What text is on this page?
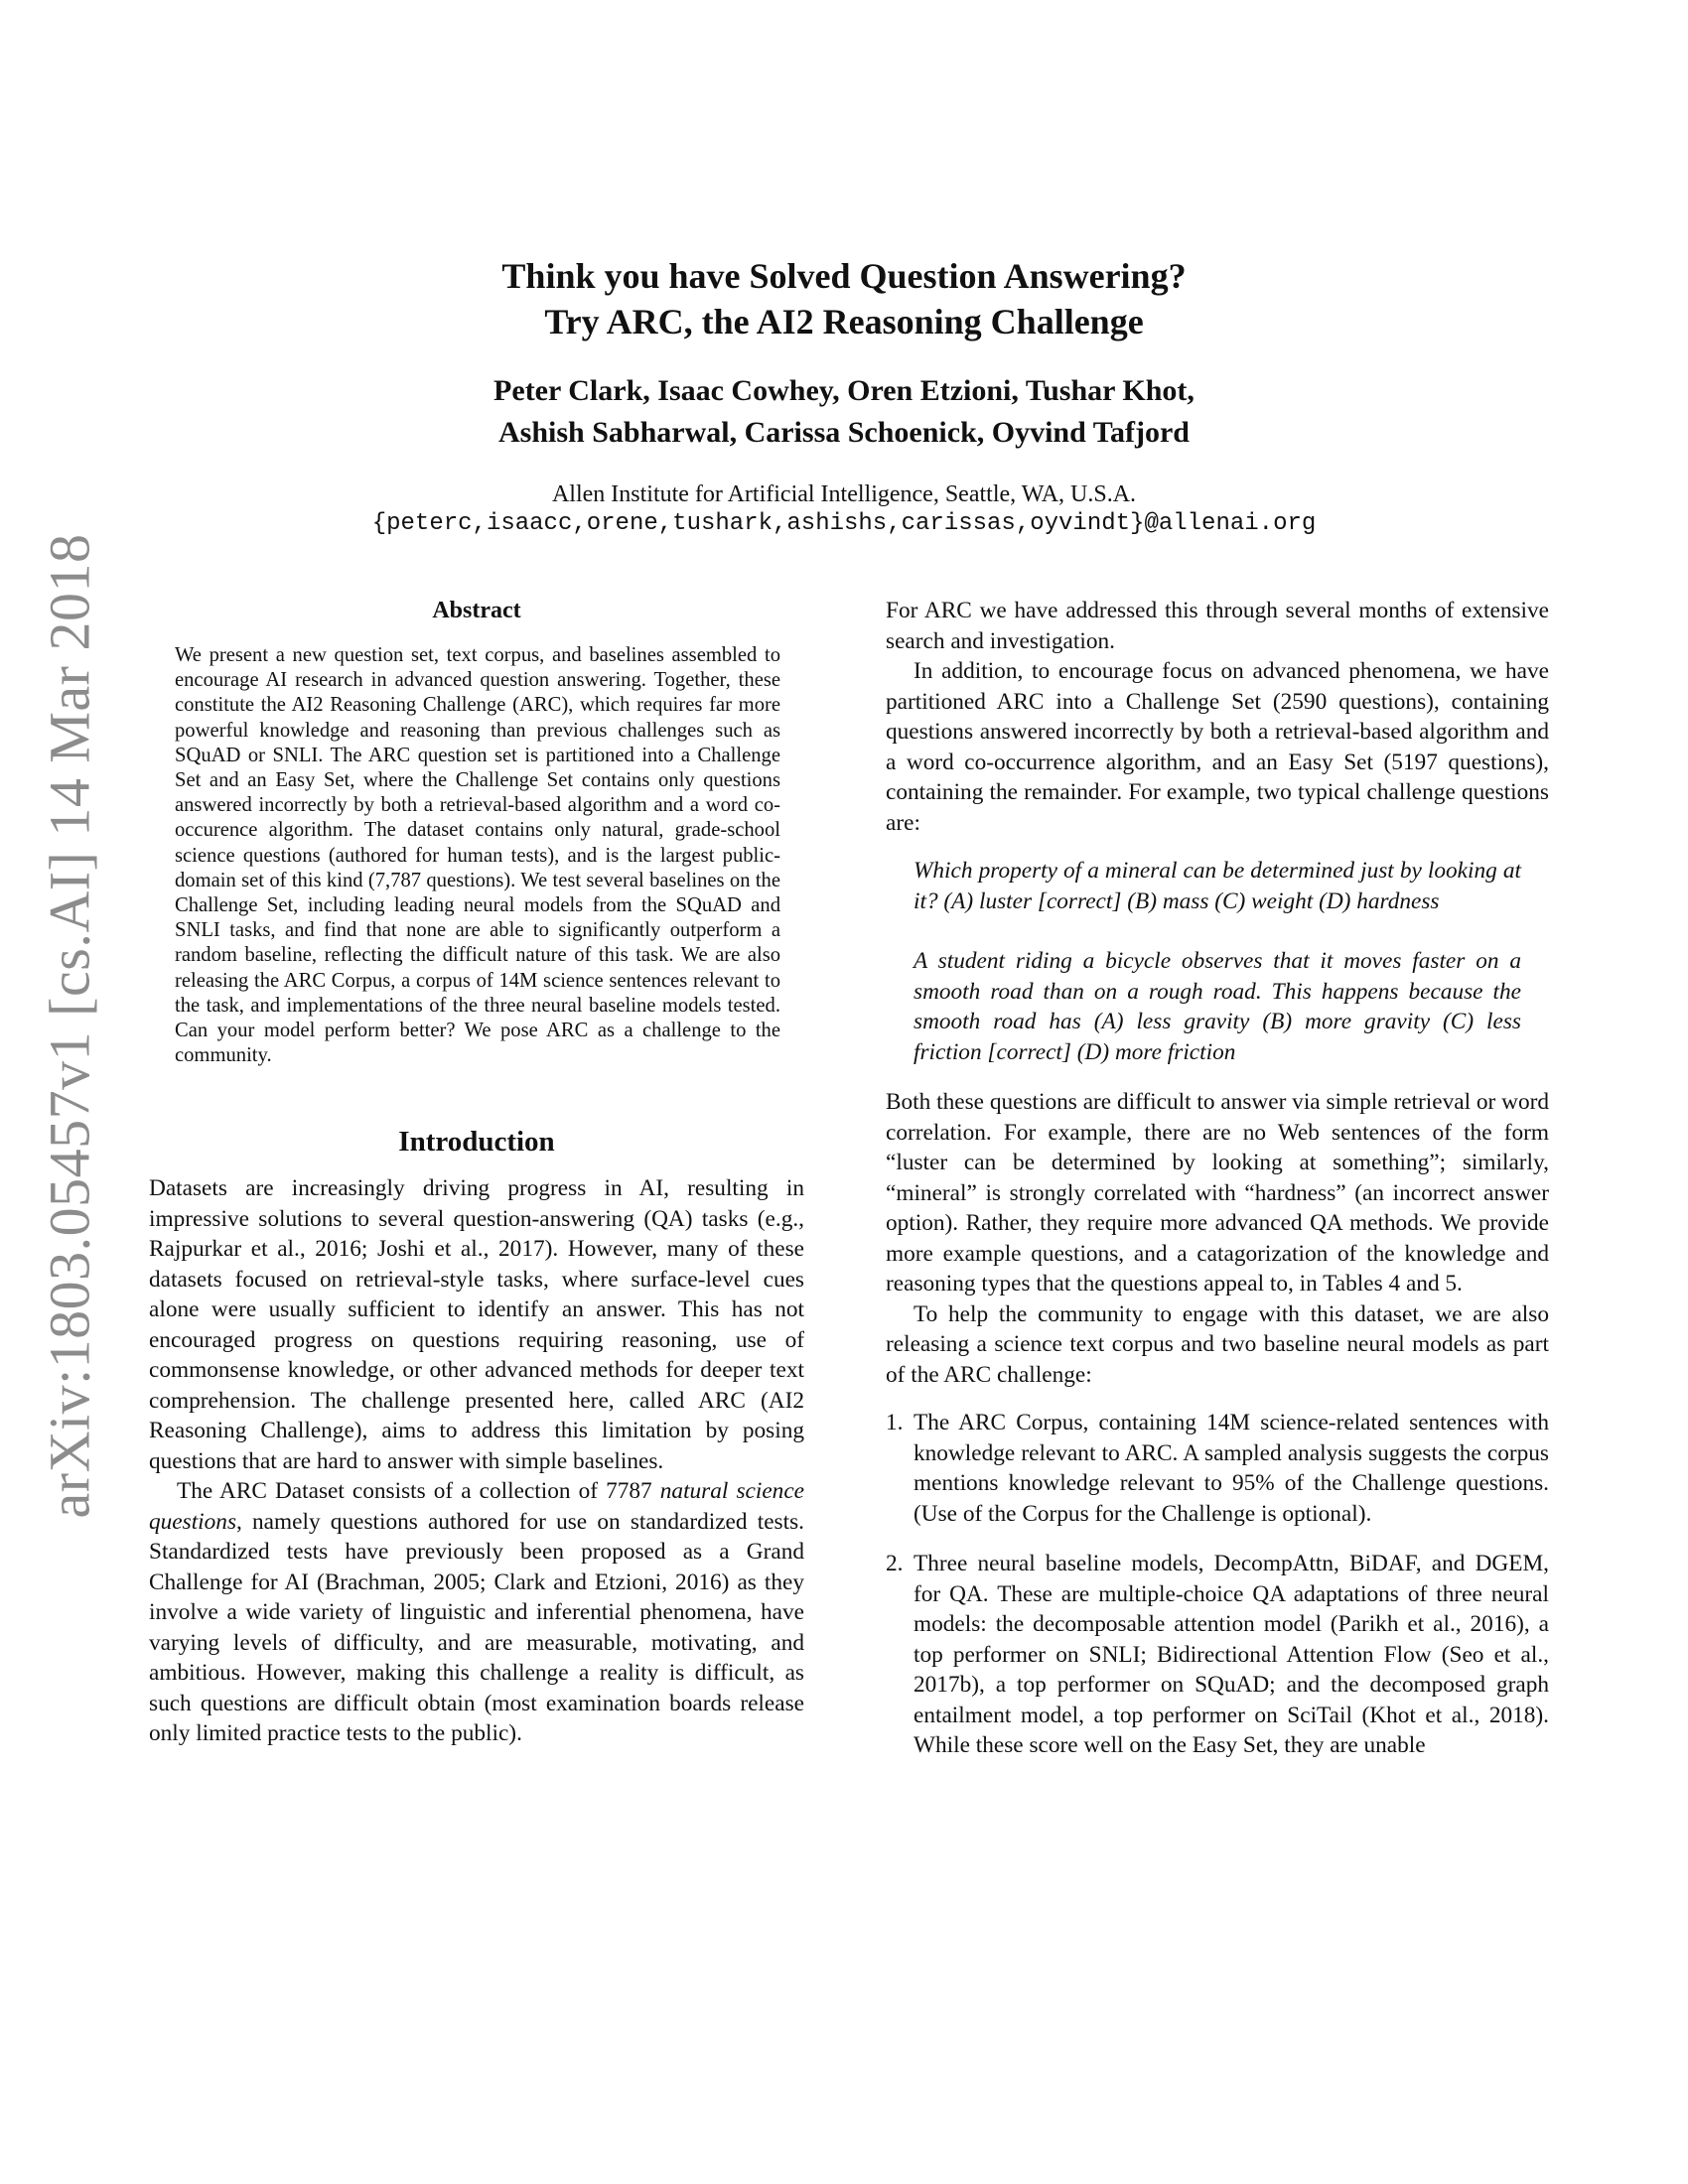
arXiv:1803.05457v1 [cs.AI] 14 Mar 2018
Think you have Solved Question Answering?
Try ARC, the AI2 Reasoning Challenge

Peter Clark, Isaac Cowhey, Oren Etzioni, Tushar Khot,
Ashish Sabharwal, Carissa Schoenick, Oyvind Tafjord

Allen Institute for Artificial Intelligence, Seattle, WA, U.S.A.

{peterc,isaacc,orene,tushark,ashishs,carissas,oyvindt}@allenai.org

Abstract

We present a new question set, text corpus, and baselines assembled to encourage AI research in advanced question answering. Together, these constitute the AI2 Reasoning Challenge (ARC), which requires far more powerful knowledge and reasoning than previous challenges such as SQuAD or SNLI. The ARC question set is partitioned into a Challenge Set and an Easy Set, where the Challenge Set contains only questions answered incorrectly by both a retrieval-based algorithm and a word co-occurence algorithm. The dataset contains only natural, grade-school science questions (authored for human tests), and is the largest public-domain set of this kind (7,787 questions). We test several baselines on the Challenge Set, including leading neural models from the SQuAD and SNLI tasks, and find that none are able to significantly outperform a random baseline, reflecting the difficult nature of this task. We are also releasing the ARC Corpus, a corpus of 14M science sentences relevant to the task, and implementations of the three neural baseline models tested. Can your model perform better? We pose ARC as a challenge to the community.

Introduction

Datasets are increasingly driving progress in AI, resulting in impressive solutions to several question-answering (QA) tasks (e.g., Rajpurkar et al., 2016; Joshi et al., 2017). However, many of these datasets focused on retrieval-style tasks, where surface-level cues alone were usually sufficient to identify an answer. This has not encouraged progress on questions requiring reasoning, use of commonsense knowledge, or other advanced methods for deeper text comprehension. The challenge presented here, called ARC (AI2 Reasoning Challenge), aims to address this limitation by posing questions that are hard to answer with simple baselines.

The ARC Dataset consists of a collection of 7787 natural science questions, namely questions authored for use on standardized tests. Standardized tests have previously been proposed as a Grand Challenge for AI (Brachman, 2005; Clark and Etzioni, 2016) as they involve a wide variety of linguistic and inferential phenomena, have varying levels of difficulty, and are measurable, motivating, and ambitious. However, making this challenge a reality is difficult, as such questions are difficult obtain (most examination boards release only limited practice tests to the public).

For ARC we have addressed this through several months of extensive search and investigation.

In addition, to encourage focus on advanced phenomena, we have partitioned ARC into a Challenge Set (2590 questions), containing questions answered incorrectly by both a retrieval-based algorithm and a word co-occurrence algorithm, and an Easy Set (5197 questions), containing the remainder. For example, two typical challenge questions are:

Which property of a mineral can be determined just by looking at it? (A) luster [correct] (B) mass (C) weight (D) hardness

A student riding a bicycle observes that it moves faster on a smooth road than on a rough road. This happens because the smooth road has (A) less gravity (B) more gravity (C) less friction [correct] (D) more friction

Both these questions are difficult to answer via simple retrieval or word correlation. For example, there are no Web sentences of the form “luster can be determined by looking at something”; similarly, “mineral” is strongly correlated with “hardness” (an incorrect answer option). Rather, they require more advanced QA methods. We provide more example questions, and a catagorization of the knowledge and reasoning types that the questions appeal to, in Tables 4 and 5.

To help the community to engage with this dataset, we are also releasing a science text corpus and two baseline neural models as part of the ARC challenge:

1. The ARC Corpus, containing 14M science-related sentences with knowledge relevant to ARC. A sampled analysis suggests the corpus mentions knowledge relevant to 95% of the Challenge questions. (Use of the Corpus for the Challenge is optional).
2. Three neural baseline models, DecompAttn, BiDAF, and DGEM, for QA. These are multiple-choice QA adaptations of three neural models: the decomposable attention model (Parikh et al., 2016), a top performer on SNLI; Bidirectional Attention Flow (Seo et al., 2017b), a top performer on SQuAD; and the decomposed graph entailment model, a top performer on SciTail (Khot et al., 2018). While these score well on the Easy Set, they are unable
